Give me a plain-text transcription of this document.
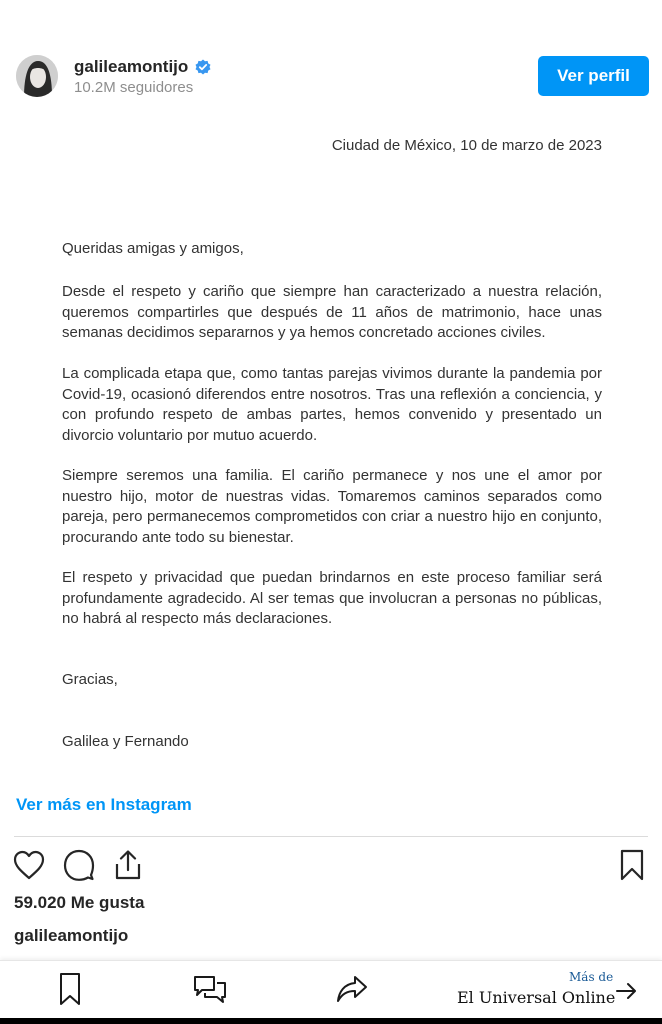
galileamontijo
10.2M seguidores
Ver perfil
Ciudad de México, 10 de marzo de 2023
Queridas amigas y amigos,
Desde el respeto y cariño que siempre han caracterizado a nuestra relación, queremos compartirles que después de 11 años de matrimonio, hace unas semanas decidimos separarnos y ya hemos concretado acciones civiles.
La complicada etapa que, como tantas parejas vivimos durante la pandemia por Covid-19, ocasionó diferendos entre nosotros. Tras una reflexión a conciencia, y con profundo respeto de ambas partes, hemos convenido y presentado un divorcio voluntario por mutuo acuerdo.
Siempre seremos una familia. El cariño permanece y nos une el amor por nuestro hijo, motor de nuestras vidas. Tomaremos caminos separados como pareja, pero permanecemos comprometidos con criar a nuestro hijo en conjunto, procurando ante todo su bienestar.
El respeto y privacidad que puedan brindarnos en este proceso familiar será profundamente agradecido. Al ser temas que involucran a personas no públicas, no habrá al respecto más declaraciones.
Gracias,
Galilea y Fernando
Ver más en Instagram
59.020 Me gusta
galileamontijo
Más de
El Universal Online
